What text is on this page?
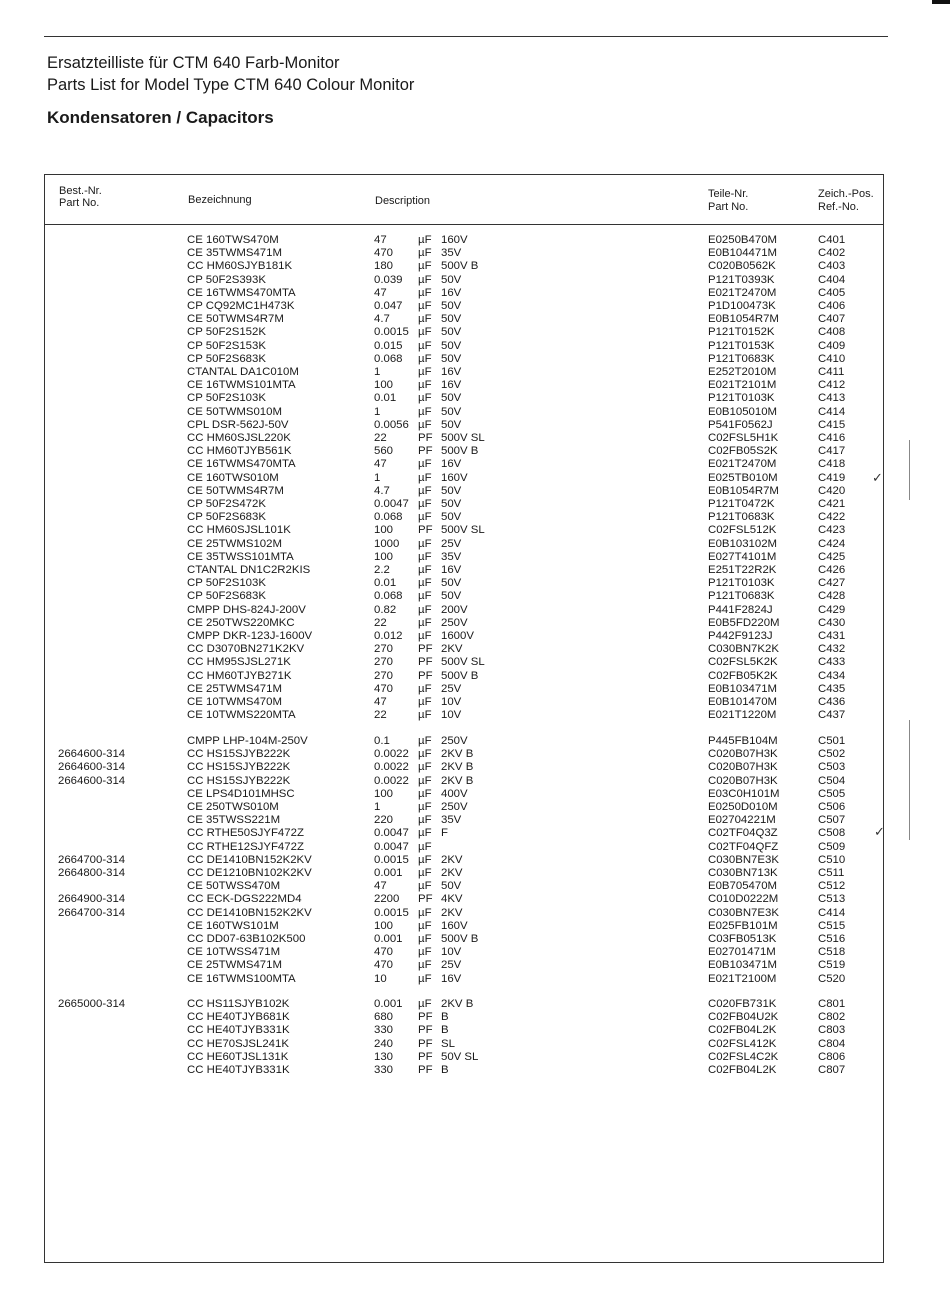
Ersatzteilliste für CTM 640 Farb-Monitor
Parts List for Model Type CTM 640 Colour Monitor
Kondensatoren / Capacitors
✓
✓
Best.-Nr.
Part No.	Bezeichnung	Description
Teile-Nr.
Part No.
Zeich.-Pos.
Ref.-No.
CE 160TWS470M	47	µF 160V	E0250B470M	C401
CE 35TWMS471M	470 µF 35V	E0B104471M	C402
CC HM60SJYB181K	180 µF 500V B	C020B0562K	C403
CP 50F2S393K	0.039 µF 50V	P121T0393K	C404
CE 16TWMS470MTA	47	µF 16V	E021T2470M	C405
CP CQ92MC1H473K	0.047 µF 50V	P1D100473K	C406
CE 50TWMS4R7M	4.7 µF 50V	E0B1054R7M	C407
CP 50F2S152K	0.0015 µF 50V	P121T0152K	C408
CP 50F2S153K	0.015 µF 50V	P121T0153K	C409
CP 50F2S683K	0.068 µF 50V	P121T0683K	C410
CTANTAL DA1C010M	1	µF 16V	E252T2010M	C411
CE 16TWMS101MTA	100 µF 16V	E021T2101M	C412
CP 50F2S103K	0.01 µF 50V	P121T0103K	C413
CE 50TWMS010M	1	µF 50V	E0B105010M	C414
CPL DSR-562J-50V	0.0056 µF 50V	P541F0562J	C415
CC HM60SJSL220K	22	PF 500V SL	C02FSL5H1K	C416
CC HM60TJYB561K	560 PF 500V B	C02FB05S2K	C417
CE 16TWMS470MTA	47	µF 16V	E021T2470M	C418
CE 160TWS010M	1	µF 160V	E025TB010M	C419
CE 50TWMS4R7M	4.7 µF 50V	E0B1054R7M	C420
CP 50F2S472K	0.0047 µF 50V	P121T0472K	C421
CP 50F2S683K	0.068 µF 50V	P121T0683K	C422
CC HM60SJSL101K	100 PF 500V SL	C02FSL512K	C423
CE 25TWMS102M	1000 µF 25V	E0B103102M	C424
CE 35TWSS101MTA	100 µF 35V	E027T4101M	C425
CTANTAL DN1C2R2KIS	2.2 µF 16V	E251T22R2K	C426
CP 50F2S103K	0.01 µF 50V	P121T0103K	C427
CP 50F2S683K	0.068 µF 50V	P121T0683K	C428
CMPP DHS-824J-200V	0.82 µF 200V	P441F2824J	C429
CE 250TWS220MKC	22	µF 250V	E0B5FD220M	C430
CMPP DKR-123J-1600V	0.012 µF 1600V	P442F9123J	C431
CC D3070BN271K2KV	270 PF 2KV	C030BN7K2K	C432
CC HM95SJSL271K	270 PF 500V SL	C02FSL5K2K	C433
CC HM60TJYB271K	270 PF 500V B	C02FB05K2K	C434
CE 25TWMS471M	470 µF 25V	E0B103471M	C435
CE 10TWMS470M	47	µF 10V	E0B101470M	C436
CE 10TWMS220MTA	22	µF 10V	E021T1220M	C437
CMPP LHP-104M-250V	0.1 µF 250V	P445FB104M	C501
2664600-314	CC HS15SJYB222K	0.0022 µF 2KV B	C020B07H3K	C502
2664600-314	CC HS15SJYB222K	0.0022 µF 2KV B	C020B07H3K	C503
2664600-314	CC HS15SJYB222K	0.0022 µF 2KV B	C020B07H3K	C504
CE LPS4D101MHSC	100 µF 400V	E03C0H101M	C505
CE 250TWS010M	1	µF 250V	E0250D010M	C506
CE 35TWSS221M	220 µF 35V	E02704221M	C507
CC RTHE50SJYF472Z	0.0047 µF F	C02TF04Q3Z	C508
CC RTHE12SJYF472Z	0.0047 µF	C02TF04QFZ	C509
2664700-314	CC DE1410BN152K2KV	0.0015 µF 2KV	C030BN7E3K	C510
2664800-314	CC DE1210BN102K2KV	0.001 µF 2KV	C030BN713K	C511
CE 50TWSS470M	47	µF 50V	E0B705470M	C512
2664900-314	CC ECK-DGS222MD4	2200 PF 4KV	C010D0222M	C513
2664700-314	CC DE1410BN152K2KV	0.0015 µF 2KV	C030BN7E3K	C414
CE 160TWS101M	100 µF 160V	E025FB101M	C515
CC DD07-63B102K500	0.001 µF 500V B	C03FB0513K	C516
CE 10TWSS471M	470 µF 10V	E02701471M	C518
CE 25TWMS471M	470 µF 25V	E0B103471M	C519
CE 16TWMS100MTA	10	µF 16V	E021T2100M	C520
2665000-314	CC HS11SJYB102K	0.001 µF 2KV B	C020FB731K	C801
CC HE40TJYB681K	680 PF B	C02FB04U2K	C802
CC HE40TJYB331K	330 PF B	C02FB04L2K	C803
CC HE70SJSL241K	240 PF SL	C02FSL412K	C804
CC HE60TJSL131K	130 PF 50V SL	C02FSL4C2K	C806
CC HE40TJYB331K	330 PF B	C02FB04L2K	C807
